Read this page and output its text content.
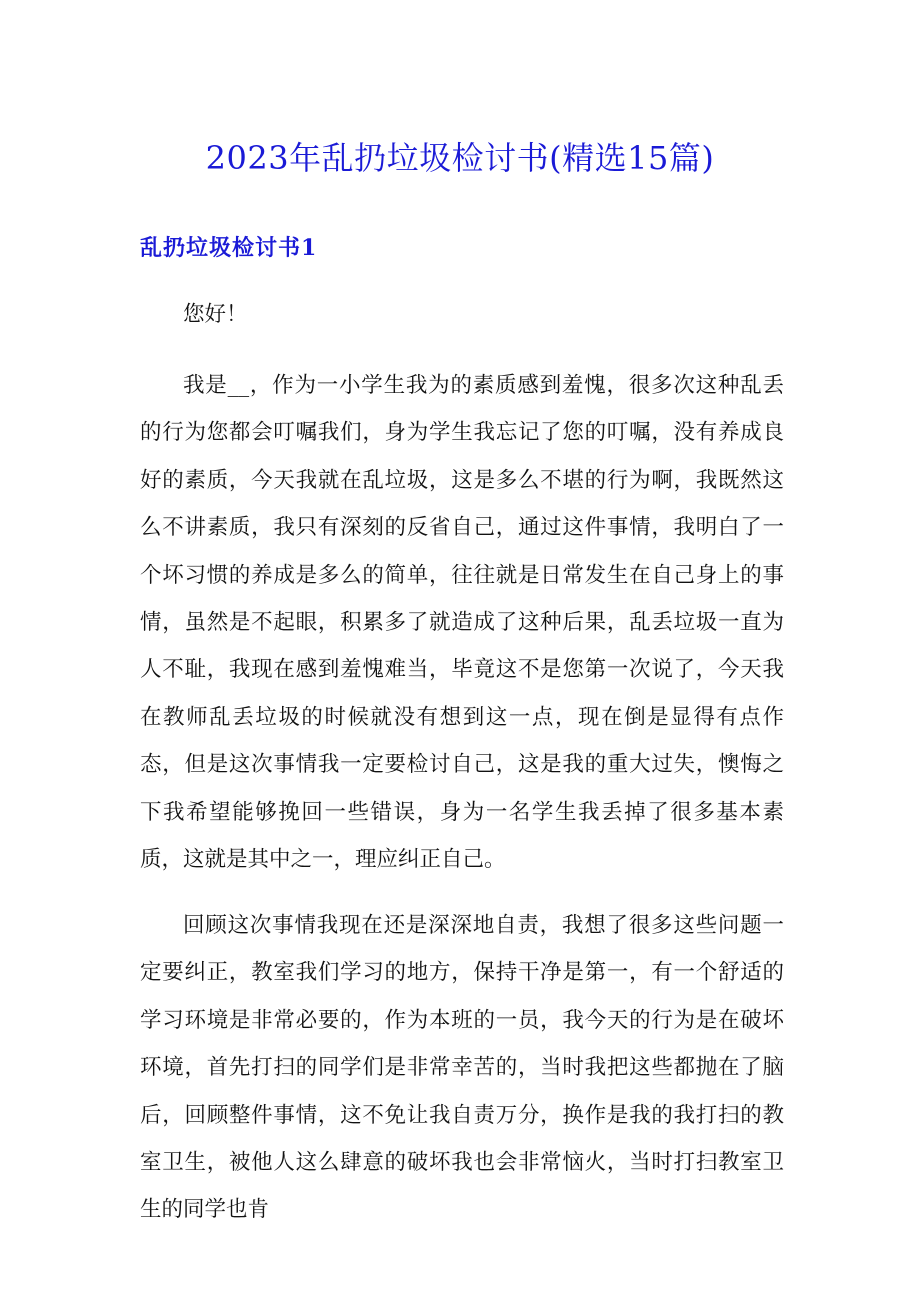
2023年乱扔垃圾检讨书(精选15篇)
乱扔垃圾检讨书1

您好！

我是__，作为一小学生我为的素质感到羞愧，很多次这种乱丢的行为您都会叮嘱我们，身为学生我忘记了您的叮嘱，没有养成良好的素质，今天我就在乱垃圾，这是多么不堪的行为啊，我既然这么不讲素质，我只有深刻的反省自己，通过这件事情，我明白了一个坏习惯的养成是多么的简单，往往就是日常发生在自己身上的事情，虽然是不起眼，积累多了就造成了这种后果，乱丢垃圾一直为人不耻，我现在感到羞愧难当，毕竟这不是您第一次说了，今天我在教师乱丢垃圾的时候就没有想到这一点，现在倒是显得有点作态，但是这次事情我一定要检讨自己，这是我的重大过失，懊悔之下我希望能够挽回一些错误，身为一名学生我丢掉了很多基本素质，这就是其中之一，理应纠正自己。

回顾这次事情我现在还是深深地自责，我想了很多这些问题一定要纠正，教室我们学习的地方，保持干净是第一，有一个舒适的学习环境是非常必要的，作为本班的一员，我今天的行为是在破坏环境，首先打扫的同学们是非常幸苦的，当时我把这些都抛在了脑后，回顾整件事情，这不免让我自责万分，换作是我的我打扫的教室卫生，被他人这么肆意的破坏我也会非常恼火，当时打扫教室卫生的同学也肯
